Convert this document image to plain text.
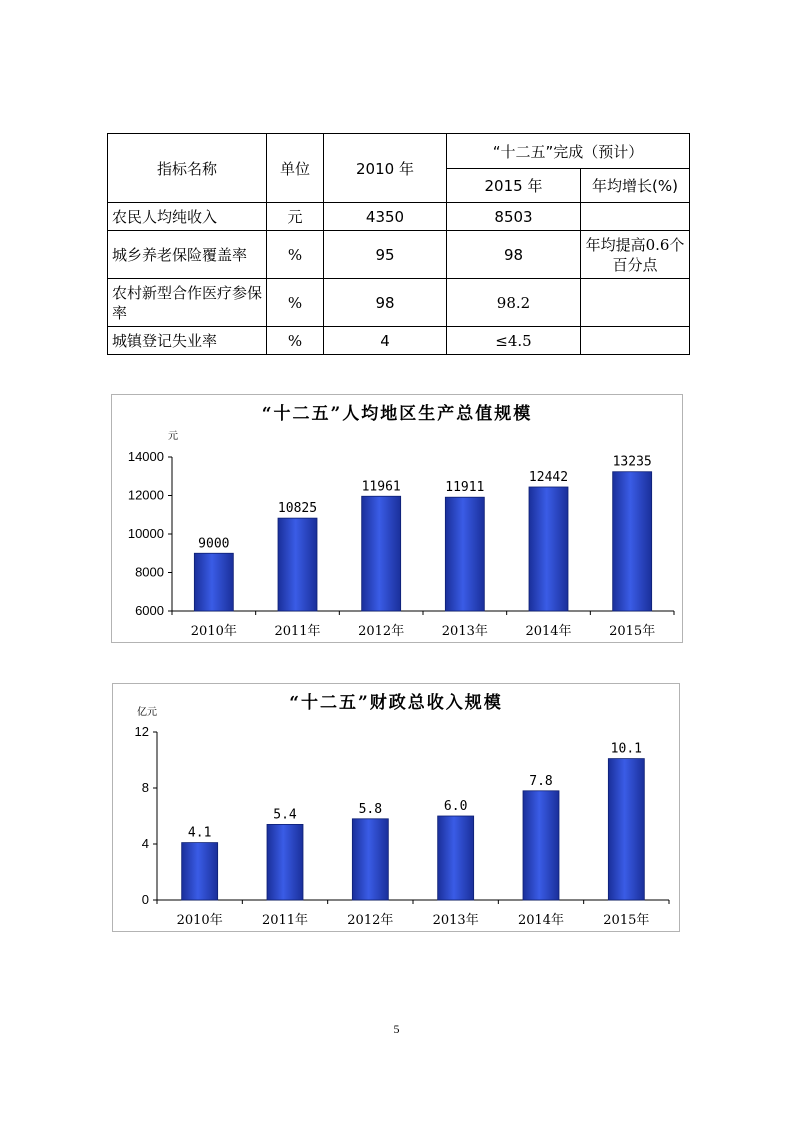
指标名称	单位	2010 年	“十二五”完成（预计）	
			2015 年	年均增长(%)
农民人均纯收入	元	4350	8503	
城乡养老保险覆盖率	%	95	98	年均提高0.6个百分点
农村新型合作医疗参保率	%	98	98.2	
城镇登记失业率	%	4	≤4.5	
“十二五”人均地区生产总值规模
元
6000
8000
10000
12000
14000
9000
2010年
10825
2011年
11961
2012年
11911
2013年
12442
2014年
13235
2015年
“十二五”财政总收入规模
亿元
0
4
8
12
4.1
2010年
5.4
2011年
5.8
2012年
6.0
2013年
7.8
2014年
10.1
2015年
5
